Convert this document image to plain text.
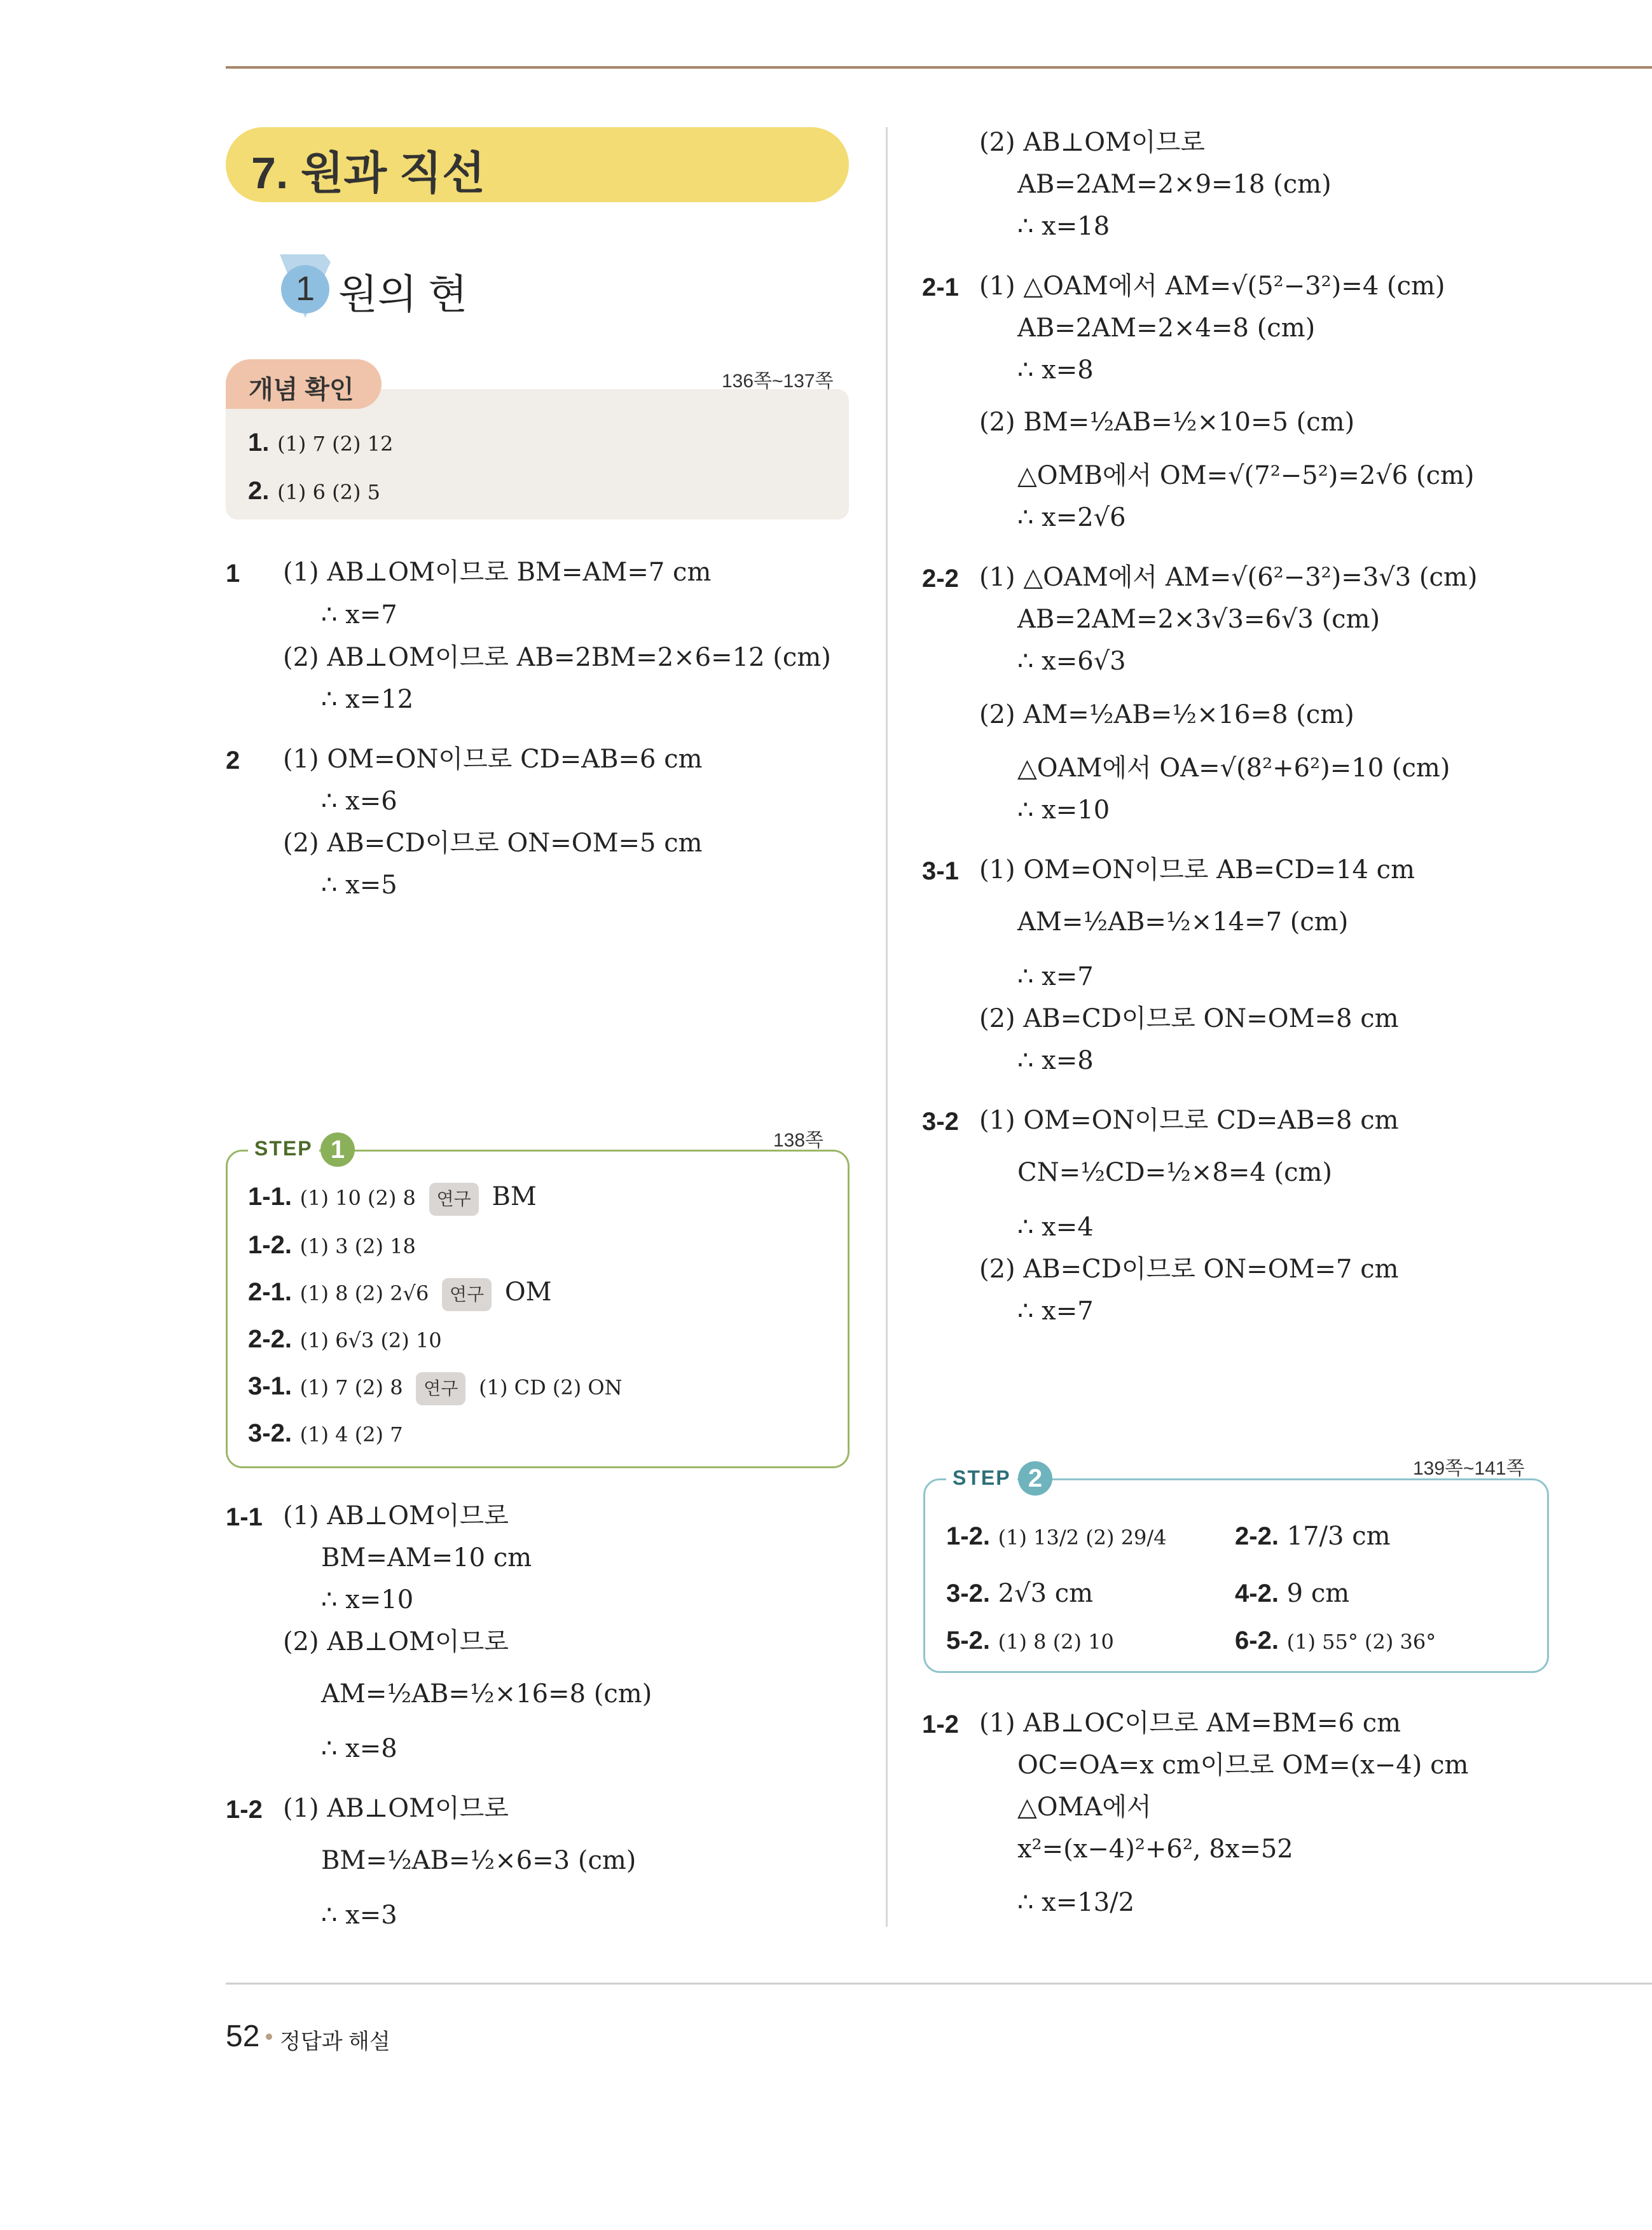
7. 원과 직선
1 원의 현
개념 확인	136쪽~137쪽
1. (1) 7 (2) 12
2. (1) 6 (2) 5
1 (1) AB⊥OM이므로 BM=AM=7 cm
∴ x=7
(2) AB⊥OM이므로 AB=2BM=2×6=12 (cm)
∴ x=12
2 (1) OM=ON이므로 CD=AB=6 cm
∴ x=6
(2) AB=CD이므로 ON=OM=5 cm
∴ x=5
STEP 1	138쪽
1-1. (1) 10 (2) 8 연구 BM
1-2. (1) 3 (2) 18
2-1. (1) 8 (2) 2√6 연구 OM
2-2. (1) 6√3 (2) 10
3-1. (1) 7 (2) 8 연구 (1) CD (2) ON
3-2. (1) 4 (2) 7
1-1 (1) AB⊥OM이므로
BM=AM=10 cm
∴ x=10
(2) AB⊥OM이므로
AM=½AB=½×16=8 (cm)
∴ x=8
1-2 (1) AB⊥OM이므로
BM=½AB=½×6=3 (cm)
∴ x=3
(2) AB⊥OM이므로
AB=2AM=2×9=18 (cm)
∴ x=18
2-1 (1) △OAM에서 AM=√(5²−3²)=4 (cm)
AB=2AM=2×4=8 (cm)
∴ x=8
(2) BM=½AB=½×10=5 (cm)
△OMB에서 OM=√(7²−5²)=2√6 (cm)
∴ x=2√6
2-2 (1) △OAM에서 AM=√(6²−3²)=3√3 (cm)
AB=2AM=2×3√3=6√3 (cm)
∴ x=6√3
(2) AM=½AB=½×16=8 (cm)
△OAM에서 OA=√(8²+6²)=10 (cm)
∴ x=10
3-1 (1) OM=ON이므로 AB=CD=14 cm
AM=½AB=½×14=7 (cm)
∴ x=7
(2) AB=CD이므로 ON=OM=8 cm
∴ x=8
3-2 (1) OM=ON이므로 CD=AB=8 cm
CN=½CD=½×8=4 (cm)
∴ x=4
(2) AB=CD이므로 ON=OM=7 cm
∴ x=7
STEP 2	139쪽~141쪽
1-2. (1) 13/2 (2) 29/4	2-2. 17/3 cm
3-2. 2√3 cm	4-2. 9 cm
5-2. (1) 8 (2) 10	6-2. (1) 55° (2) 36°
1-2 (1) AB⊥OC이므로 AM=BM=6 cm
OC=OA=x cm이므로 OM=(x−4) cm
△OMA에서
x²=(x−4)²+6², 8x=52
∴ x=13/2
52 정답과 해설
